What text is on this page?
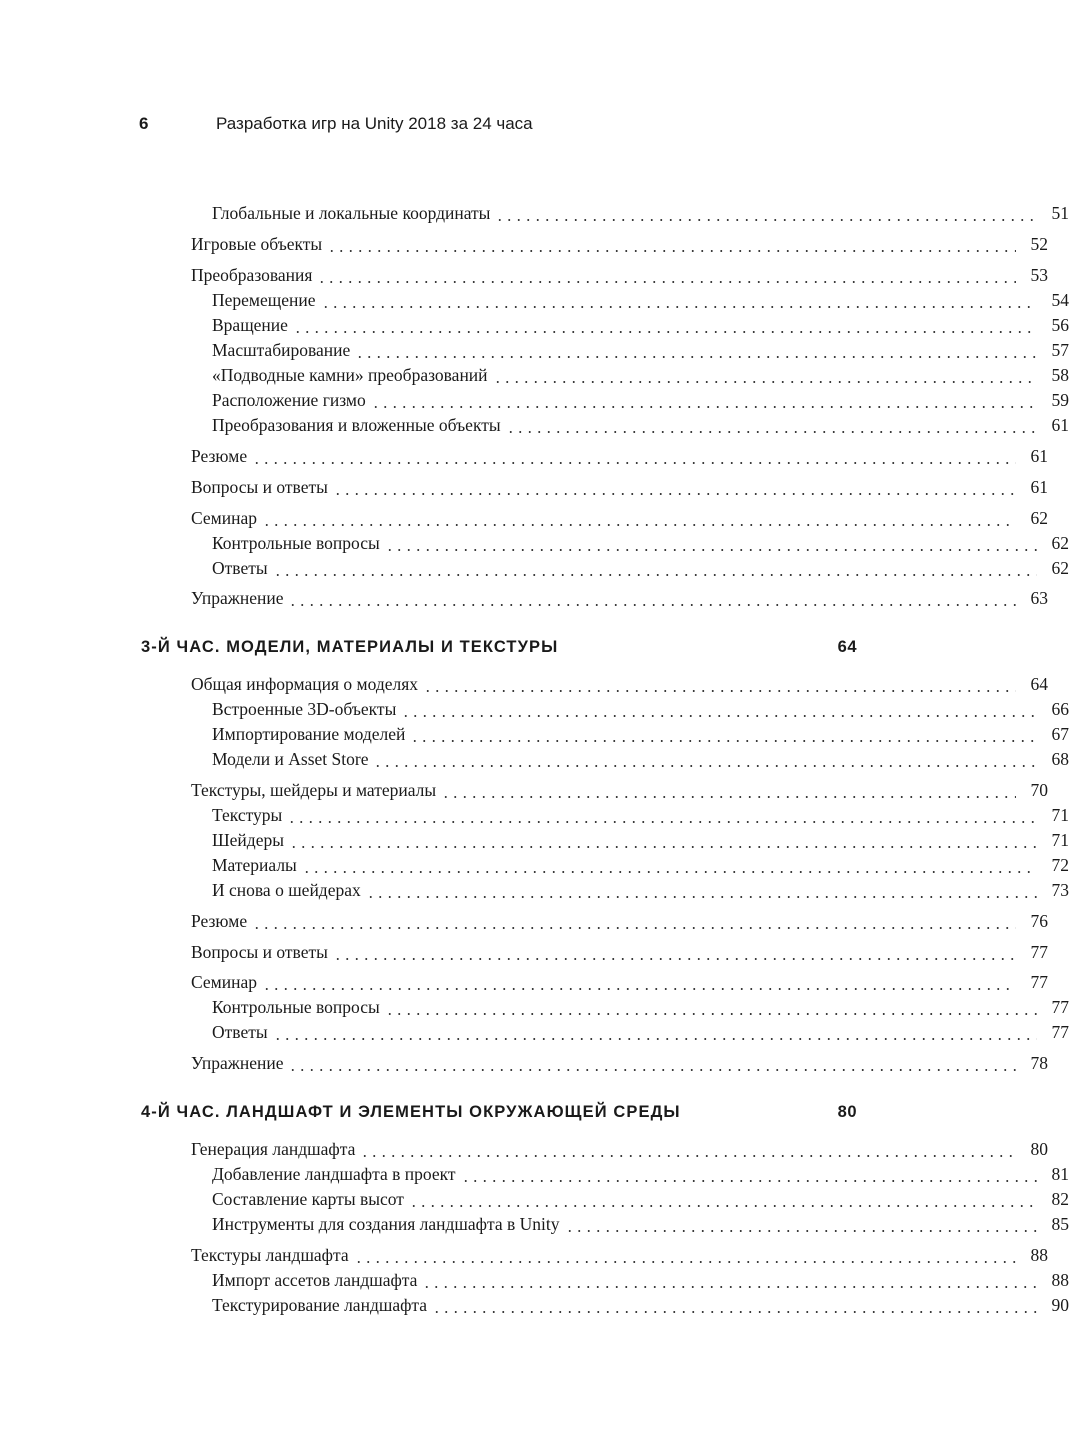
6	Разработка игр на Unity 2018 за 24 часа
Глобальные и локальные координаты	51
Игровые объекты	52
Преобразования	53
Перемещение	54
Вращение	56
Масштабирование	57
«Подводные камни» преобразований	58
Расположение гизмо	59
Преобразования и вложенные объекты	61
Резюме	61
Вопросы и ответы	61
Семинар	62
Контрольные вопросы	62
Ответы	62
Упражнение	63
3-Й ЧАС. МОДЕЛИ, МАТЕРИАЛЫ И ТЕКСТУРЫ	64
Общая информация о моделях	64
Встроенные 3D-объекты	66
Импортирование моделей	67
Модели и Asset Store	68
Текстуры, шейдеры и материалы	70
Текстуры	71
Шейдеры	71
Материалы	72
И снова о шейдерах	73
Резюме	76
Вопросы и ответы	77
Семинар	77
Контрольные вопросы	77
Ответы	77
Упражнение	78
4-Й ЧАС. ЛАНДШАФТ И ЭЛЕМЕНТЫ ОКРУЖАЮЩЕЙ СРЕДЫ	80
Генерация ландшафта	80
Добавление ландшафта в проект	81
Составление карты высот	82
Инструменты для создания ландшафта в Unity	85
Текстуры ландшафта	88
Импорт ассетов ландшафта	88
Текстурирование ландшафта	90
